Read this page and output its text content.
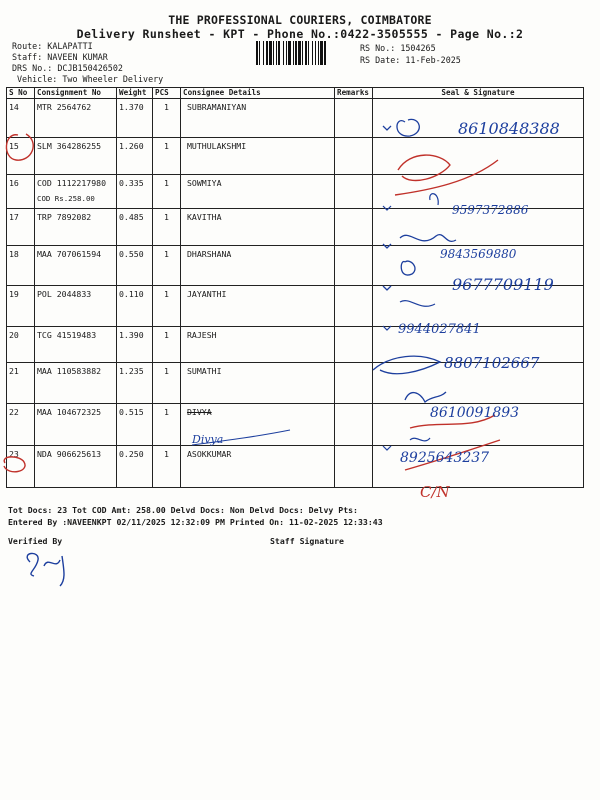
THE PROFESSIONAL COURIERS, COIMBATORE
Delivery Runsheet - KPT - Phone No.:0422-3505555 - Page No.:2
Route: KALAPATTI
Staff: NAVEEN KUMAR
DRS No.: DCJB150426502
Vehicle: Two Wheeler Delivery
RS No.: 1504265
RS Date: 11-Feb-2025
S No	Consignment No	Weight	PCS	Consignee Details	Remarks	Seal & Signature
14	MTR 2564762	1.370	1	SUBRAMANIYAN		
15	SLM 364286255	1.260	1	MUTHULAKSHMI		
16	COD 1112217980
COD Rs.258.00	0.335	1	SOWMIYA		
17	TRP 7892082	0.485	1	KAVITHA		
18	MAA 707061594	0.550	1	DHARSHANA		
19	POL 2044833	0.110	1	JAYANTHI		
20	TCG 41519483	1.390	1	RAJESH		
21	MAA 110583882	1.235	1	SUMATHI		
22	MAA 104672325	0.515	1	DIVYA		
23	NDA 906625613	0.250	1	ASOKKUMAR		
Tot Docs: 23 Tot COD Amt: 258.00 Delvd Docs: Non Delvd Docs: Delvy Pts:
Entered By :NAVEENKPT 02/11/2025 12:32:09 PM Printed On: 11-02-2025 12:33:43
Verified By	Staff Signature
C/N
8610848388
9597372886
9843569880
9677709119
9944027841
8807102667
8610091893
Divya
8925643237
